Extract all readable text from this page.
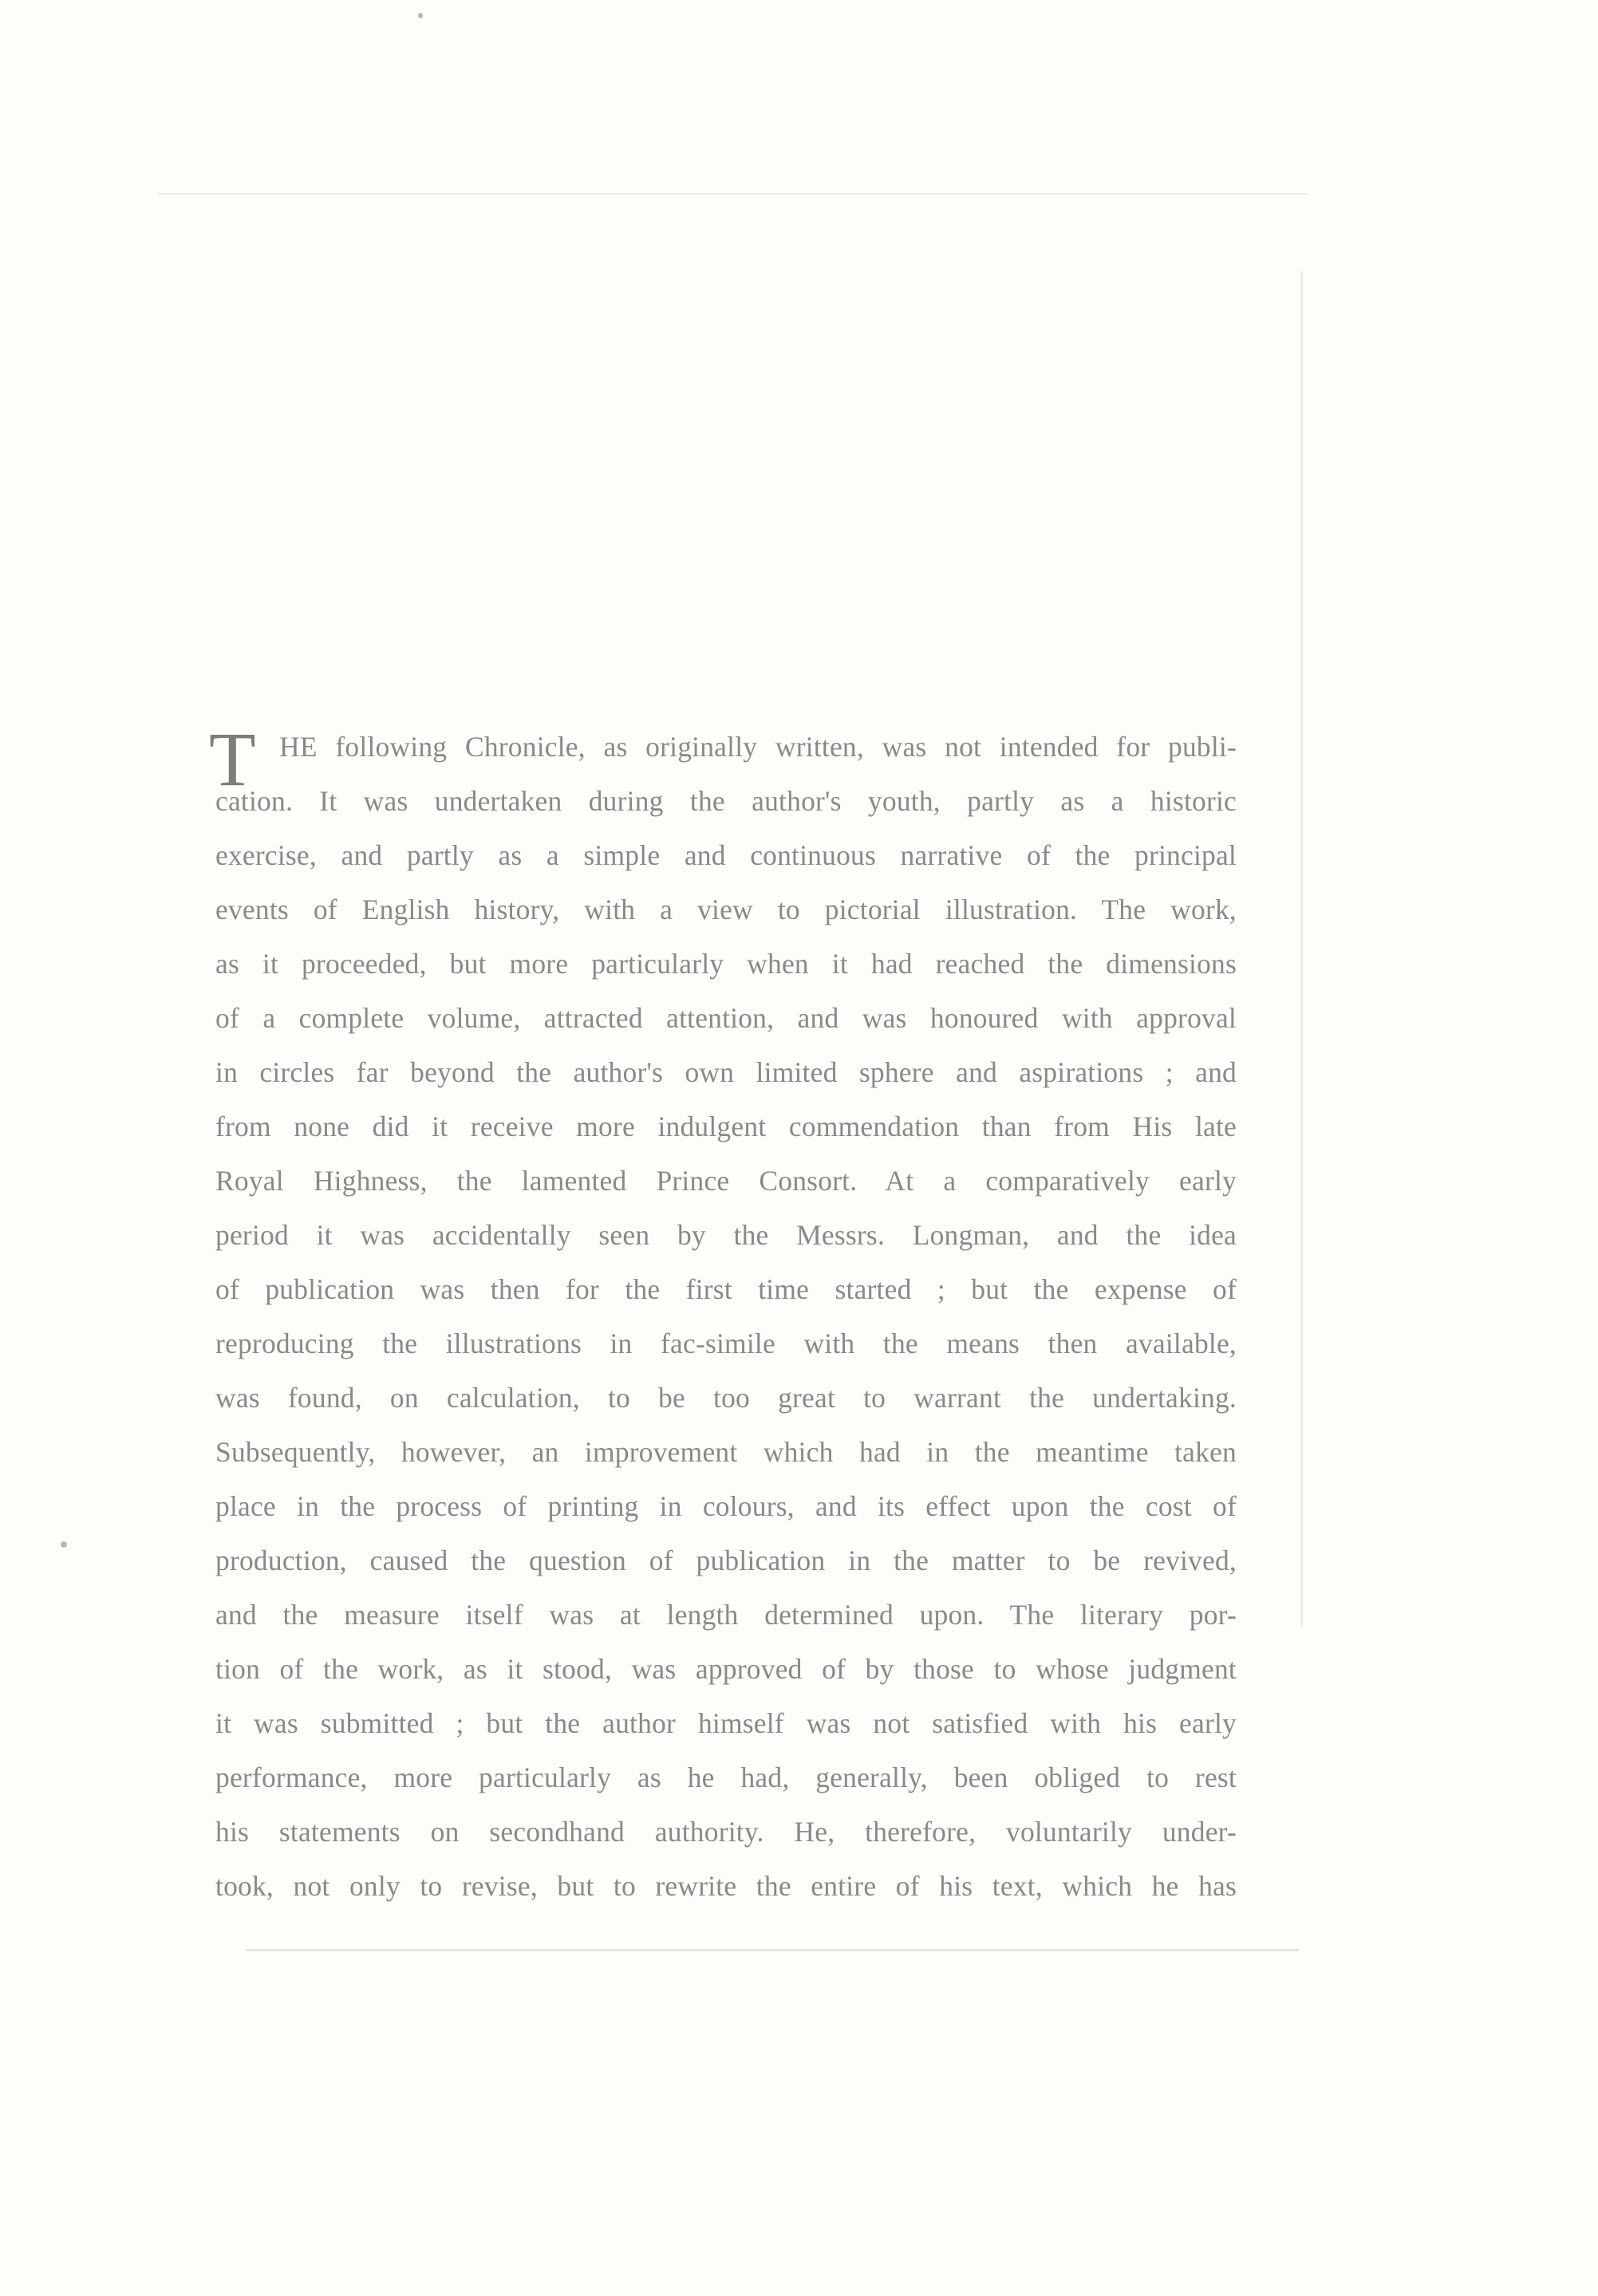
T HE following Chronicle, as originally written, was not intended for publi-
cation. It was undertaken during the author's youth, partly as a historic
exercise, and partly as a simple and continuous narrative of the principal
events of English history, with a view to pictorial illustration. The work,
as it proceeded, but more particularly when it had reached the dimensions
of a complete volume, attracted attention, and was honoured with approval
in circles far beyond the author's own limited sphere and aspirations ; and
from none did it receive more indulgent commendation than from His late
Royal Highness, the lamented Prince Consort. At a comparatively early
period it was accidentally seen by the Messrs. Longman, and the idea
of publication was then for the first time started ; but the expense of
reproducing the illustrations in fac-simile with the means then available,
was found, on calculation, to be too great to warrant the undertaking.
Subsequently, however, an improvement which had in the meantime taken
place in the process of printing in colours, and its effect upon the cost of
production, caused the question of publication in the matter to be revived,
and the measure itself was at length determined upon. The literary por-
tion of the work, as it stood, was approved of by those to whose judgment
it was submitted ; but the author himself was not satisfied with his early
performance, more particularly as he had, generally, been obliged to rest
his statements on secondhand authority. He, therefore, voluntarily under-
took, not only to revise, but to rewrite the entire of his text, which he has
